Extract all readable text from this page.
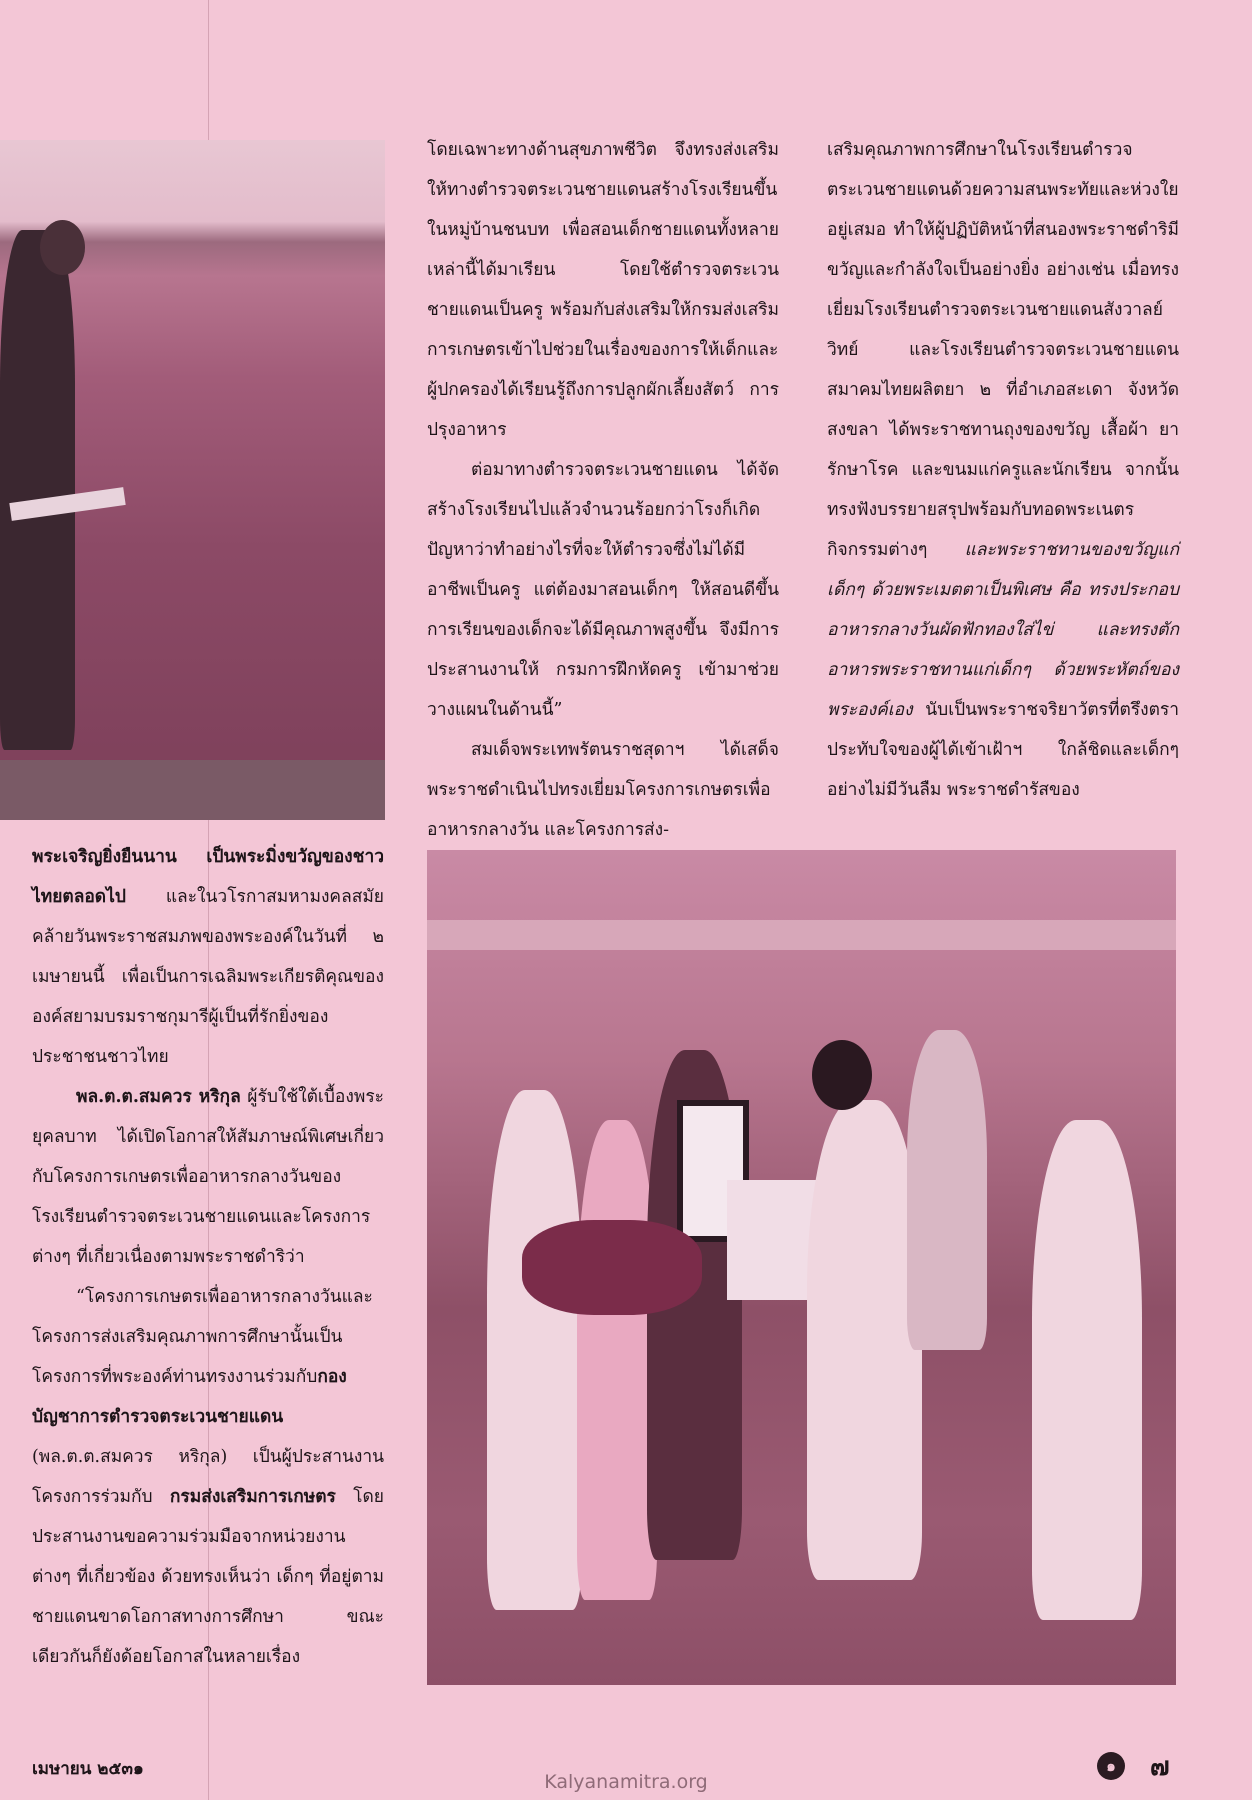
โดยเฉพาะทางด้านสุขภาพชีวิต จึงทรงส่งเสริมให้ทางตำรวจตระเวนชายแดนสร้างโรงเรียนขึ้นในหมู่บ้านชนบท เพื่อสอนเด็กชายแดนทั้งหลายเหล่านี้ได้มาเรียน โดยใช้ตำรวจตระเวนชายแดนเป็นครู พร้อมกับส่งเสริมให้กรมส่งเสริมการเกษตรเข้าไปช่วยในเรื่องของการให้เด็กและผู้ปกครองได้เรียนรู้ถึงการปลูกผักเลี้ยงสัตว์ การปรุงอาหาร

ต่อมาทางตำรวจตระเวนชายแดน ได้จัดสร้างโรงเรียนไปแล้วจำนวนร้อยกว่าโรงก็เกิดปัญหาว่าทำอย่างไรที่จะให้ตำรวจซึ่งไม่ได้มีอาชีพเป็นครู แต่ต้องมาสอนเด็กๆ ให้สอนดีขึ้น การเรียนของเด็กจะได้มีคุณภาพสูงขึ้น จึงมีการประสานงานให้ กรมการฝึกหัดครู เข้ามาช่วยวางแผนในด้านนี้”

สมเด็จพระเทพรัตนราชสุดาฯ ได้เสด็จพระราชดำเนินไปทรงเยี่ยมโครงการเกษตรเพื่ออาหารกลางวัน และโครงการส่ง-

เสริมคุณภาพการศึกษาในโรงเรียนตำรวจตระเวนชายแดนด้วยความสนพระทัยและห่วงใยอยู่เสมอ ทำให้ผู้ปฏิบัติหน้าที่สนองพระราชดำริมีขวัญและกำลังใจเป็นอย่างยิ่ง อย่างเช่น เมื่อทรงเยี่ยมโรงเรียนตำรวจตระเวนชายแดนสังวาลย์วิทย์ และโรงเรียนตำรวจตระเวนชายแดนสมาคมไทยผลิตยา ๒ ที่อำเภอสะเดา จังหวัดสงขลา ได้พระราชทานถุงของขวัญ เสื้อผ้า ยารักษาโรค และขนมแก่ครูและนักเรียน จากนั้นทรงฟังบรรยายสรุปพร้อมกับทอดพระเนตรกิจกรรมต่างๆ และพระราชทานของขวัญแก่เด็กๆ ด้วยพระเมตตาเป็นพิเศษ คือ ทรงประกอบอาหารกลางวันผัดฟักทองใส่ไข่ และทรงตักอาหารพระราชทานแก่เด็กๆ ด้วยพระหัตถ์ของพระองค์เอง นับเป็นพระราชจริยาวัตรที่ตรึงตราประทับใจของผู้ได้เข้าเฝ้าฯ ใกล้ชิดและเด็กๆ อย่างไม่มีวันลืม พระราชดำรัสของ

พระเจริญยิ่งยืนนาน เป็นพระมิ่งขวัญของชาวไทยตลอดไป และในวโรกาสมหามงคลสมัยคล้ายวันพระราชสมภพของพระองค์ในวันที่ ๒ เมษายนนี้ เพื่อเป็นการเฉลิมพระเกียรติคุณขององค์สยามบรมราชกุมารีผู้เป็นที่รักยิ่งของประชาชนชาวไทย

พล.ต.ต.สมควร หริกุล ผู้รับใช้ใต้เบื้องพระยุคลบาท ได้เปิดโอกาสให้สัมภาษณ์พิเศษเกี่ยวกับโครงการเกษตรเพื่ออาหารกลางวันของโรงเรียนตำรวจตระเวนชายแดนและโครงการต่างๆ ที่เกี่ยวเนื่องตามพระราชดำริว่า

“โครงการเกษตรเพื่ออาหารกลางวันและโครงการส่งเสริมคุณภาพการศึกษานั้นเป็นโครงการที่พระองค์ท่านทรงงานร่วมกับกองบัญชาการตำรวจตระเวนชายแดน (พล.ต.ต.สมควร หริกุล) เป็นผู้ประสานงานโครงการร่วมกับ กรมส่งเสริมการเกษตร โดยประสานงานขอความร่วมมือจากหน่วยงานต่างๆ ที่เกี่ยวข้อง ด้วยทรงเห็นว่า เด็กๆ ที่อยู่ตามชายแดนขาดโอกาสทางการศึกษา ขณะเดียวกันก็ยังด้อยโอกาสในหลายเรื่อง

เมษายน ๒๕๓๑	๑	๗
Kalyanamitra.org
